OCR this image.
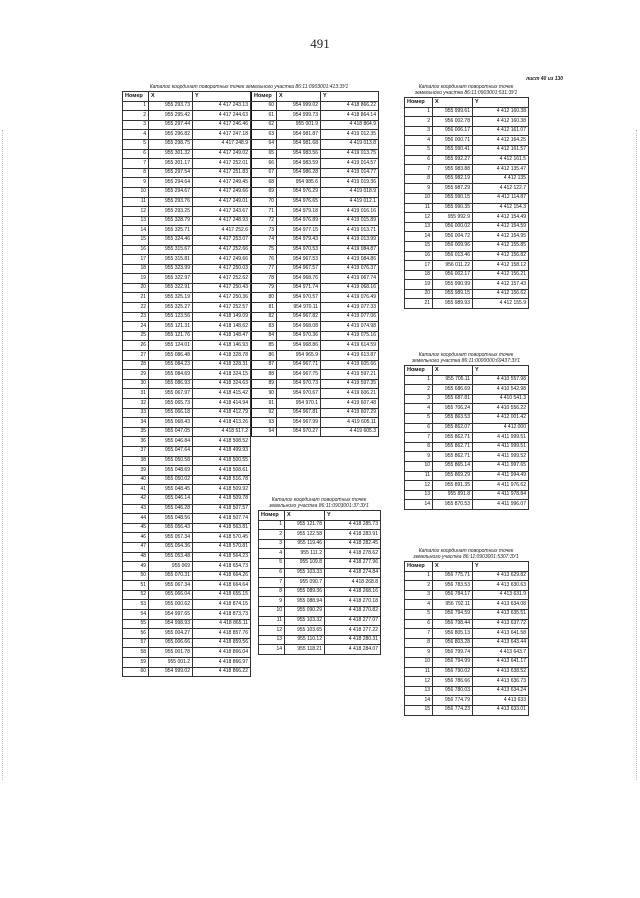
491
лист 40 из 130
Каталог координат поворотных точек земельного участка 86:11:0903001:413:ЗУ1
Номер	X	Y
1	955 293.73	4 417 243.13
2	955 295.42	4 417 244.63
3	955 297.44	4 417 246.46
4	955 296.82	4 417 247.18
5	955 298.75	4 417 248.9
6	955 301.32	4 417 249.02
7	955 301.17	4 417 252.01
8	955 297.54	4 417 251.83
9	955 294.64	4 417 249.45
10	955 294.67	4 417 249.66
11	955 293.76	4 417 249.01
12	955 293.25	4 417 243.67
13	955 328.79	4 417 248.93
14	955 325.71	4 417 252.6
15	955 324.46	4 417 253.07
16	955 315.67	4 417 252.66
17	955 315.81	4 417 249.66
18	955 323.99	4 417 250.03
19	955 322.97	4 417 252.62
20	955 322.91	4 417 250.43
21	955 325.19	4 417 250.36
22	955 325.27	4 417 252.57
23	955 123.56	4 418 149.09
24	955 121.31	4 418 148.62
25	955 121.76	4 418 148.47
26	955 124.01	4 418 146.93
27	955 086.48	4 418 328.78
28	955 084.23	4 418 328.31
29	955 084.69	4 418 324.15
30	955 086.93	4 418 324.63
31	955 067.97	4 418 415.42
32	955 065.73	4 418 414.94
33	955 066.18	4 418 412.79
34	955 068.43	4 418 413.26
35	955 047.05	4 418 517.2
36	955 046.84	4 418 508.52
37	955 047.64	4 418 499.93
38	955 050.58	4 418 500.55
39	955 048.69	4 418 508.61
40	955 050.02	4 418 516.78
41	955 048.45	4 418 509.92
42	955 046.14	4 418 509.78
43	955 046.28	4 418 507.57
44	955 048.56	4 418 507.74
45	955 056.43	4 418 563.81
46	955 057.34	4 418 570.45
47	955 054.36	4 418 570.81
48	955 053.48	4 418 564.23
49	955 069	4 418 654.73
50	955 070.31	4 418 664.26
51	955 067.34	4 418 664.64
52	955 066.04	4 418 655.15
53	955 000.62	4 418 874.15
54	954 997.65	4 418 873.73
55	954 998.93	4 418 865.11
56	955 004.27	4 418 857.76
57	955 006.66	4 418 859.56
58	955 001.78	4 418 866.04
59	955 001.2	4 418 866.97
60	954 999.02	4 418 866.22
Номер	X	Y
60	954 999.02	4 418 866.22
61	954 999.73	4 418 864.14
62	955 001.9	4 418 864.9
63	954 981.87	4 419 012.35
64	954 981.68	4 419 013.8
65	954 983.56	4 419 013.75
66	954 983.59	4 419 014.57
67	954 986.28	4 419 014.77
68	954 985.6	4 419 019.36
69	954 976.29	4 419 018.9
70	954 976.65	4 419 012.1
71	954 979.18	4 419 016.16
72	954 976.89	4 419 015.89
73	954 977.15	4 419 013.71
74	954 979.43	4 419 013.99
75	954 970.53	4 419 084.87
76	954 967.53	4 419 084.86
77	954 967.57	4 419 076.37
78	954 968.76	4 419 067.74
79	954 971.74	4 419 068.16
80	954 970.57	4 419 076.49
81	954 970.11	4 419 077.33
82	954 967.82	4 419 077.06
83	954 968.08	4 419 074.98
84	954 970.36	4 419 075.16
85	954 968.86	4 419 614.59
86	954 965.9	4 419 613.87
87	954 967.71	4 419 605.66
88	954 967.75	4 419 597.21
89	954 970.73	4 419 597.35
90	954 970.67	4 419 606.21
91	954 970.1	4 419 607.48
92	954 967.81	4 419 607.29
93	954 967.99	4 419 605.11
94	954 970.27	4 419 605.3
Каталог координат поворотных точек
земельного участка 86:11:0903001:531:ЗУ1
Номер	X	Y
1	955 999.61	4 412 160.38
2	956 002.78	4 412 160.38
3	956 006.17	4 412 161.07
4	956 000.71	4 412 164.25
5	955 990.41	4 412 161.57
6	955 992.27	4 412 161.5
7	955 983.88	4 412 135.47
8	955 982.19	4 412 135
9	955 987.29	4 412 122.7
10	955 990.15	4 412 114.87
11	955 990.35	4 412 154.3
12	955 992.9	4 412 154.49
13	956 000.02	4 412 154.59
14	956 004.72	4 412 154.95
15	956 009.96	4 412 155.85
16	956 013.46	4 412 156.82
17	956 011.22	4 412 158.12
18	956 002.17	4 412 156.21
19	955 990.99	4 412 157.43
20	955 989.15	4 412 156.62
21	955 989.93	4 412 155.9
Каталог координат поворотных точек
земельного участка 86:11:0000000:69437:ЗУ1
Номер	X	Y
1	955 705.11	4 410 557.98
2	955 686.69	4 410 542.98
3	955 687.81	4 410 541.3
4	955 706.24	4 410 556.22
5	955 863.53	4 412 001.42
6	955 862.07	4 412 000
7	955 862.71	4 411 999.51
8	955 862.71	4 411 999.51
9	955 862.71	4 411 999.52
10	955 865.14	4 411 997.65
11	955 869.29	4 411 994.49
12	955 891.35	4 411 976.62
13	955 891.8	4 411 978.84
14	955 870.53	4 411 996.07
Каталог координат поворотных точек
земельного участка 86:11:0903001:37:ЗУ1
Номер	X	Y
1	955 121.78	4 418 285.73
2	955 122.58	4 418 283.91
3	955 119.46	4 418 282.45
4	955 111.2	4 418 278.62
5	955 109.8	4 418 277.96
6	955 103.33	4 418 274.84
7	955 090.7	4 418 268.8
8	955 089.36	4 418 268.16
9	955 088.94	4 418 270.18
10	955 090.29	4 418 270.82
11	955 103.32	4 418 277.07
12	955 103.65	4 418 277.22
13	955 110.12	4 418 280.31
14	955 118.21	4 418 284.07
Каталог координат поворотных точек
земельного участка 86:11:0903001:5307:ЗУ1
Номер	X	Y
1	956 775.71	4 413 629.82
2	956 783.53	4 413 630.63
3	956 784.17	4 413 631.9
4	956 792.11	4 413 634.08
5	956 794.59	4 413 635.51
6	956 798.44	4 413 637.72
7	956 805.13	4 413 641.58
8	956 803.28	4 413 643.44
9	956 799.74	4 413 643.7
10	956 794.99	4 413 641.17
11	956 790.02	4 413 638.52
12	956 786.66	4 413 636.73
13	956 780.03	4 413 634.24
14	956 774.79	4 413 633
15	956 774.23	4 413 633.01
